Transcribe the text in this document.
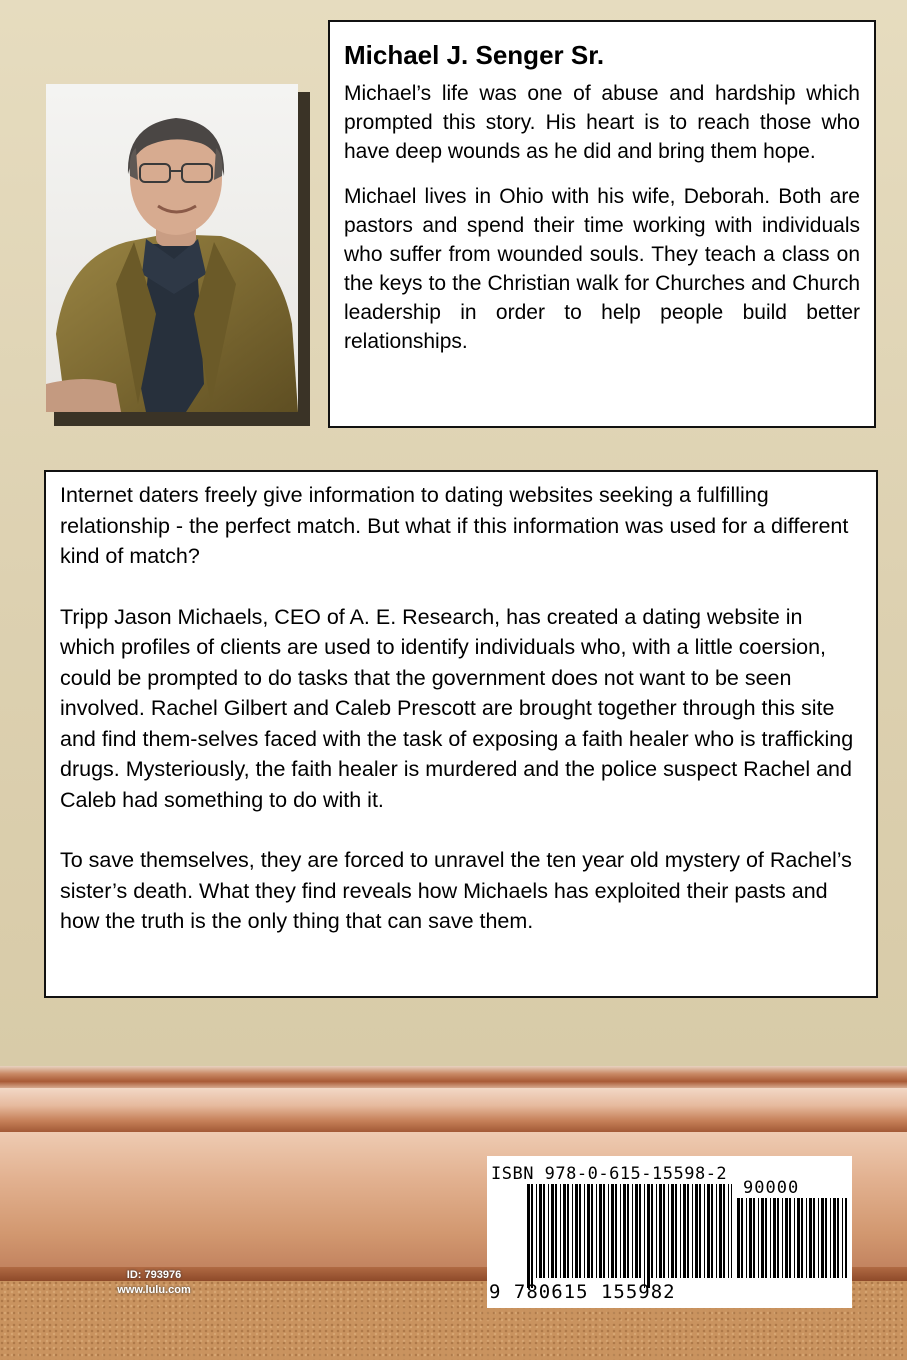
Michael J. Senger Sr.

Michael’s life was one of abuse and hardship which prompted this story. His heart is to reach those who have deep wounds as he did and bring them hope.

Michael lives in Ohio with his wife, Deborah. Both are pastors and spend their time working with individuals who suffer from wounded souls. They teach a class on the keys to the Christian walk for Churches and Church leadership in order to help people build better relationships.

Internet daters freely give information to dating websites seeking a fulfilling relationship - the perfect match. But what if this information was used for a different kind of match?

Tripp Jason Michaels, CEO of A. E. Research, has created a dating website in which profiles of clients are used to identify individuals who, with a little coersion, could be prompted to do tasks that the government does not want to be seen involved. Rachel Gilbert and Caleb Prescott are brought together through this site and find them-selves faced with the task of exposing a faith healer who is trafficking drugs. Mysteriously, the faith healer is murdered and the police suspect Rachel and Caleb had something to do with it.

To save themselves, they are forced to unravel the ten year old mystery of Rachel’s sister’s death. What they find reveals how Michaels has exploited their pasts and how the truth is the only thing that can save them.

ID: 793976
www.lulu.com
ISBN 978-0-615-15598-2
90000
9 780615 155982
